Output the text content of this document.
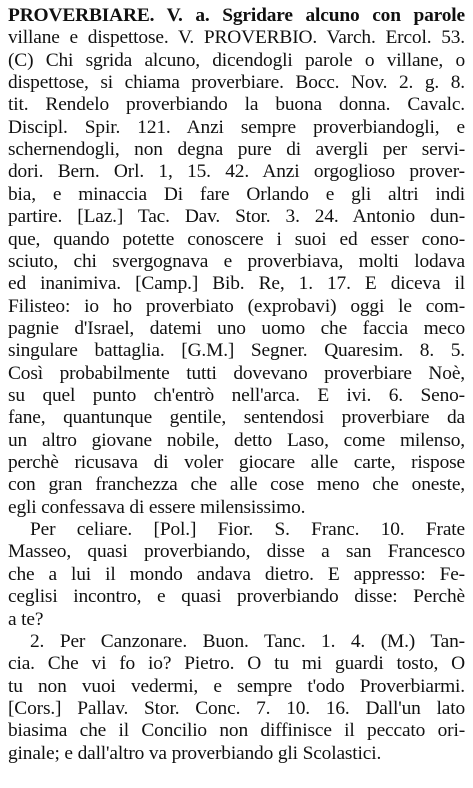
PROVERBIARE. V. a. Sgridare alcuno con parole
villane e dispettose. V. PROVERBIO. Varch. Ercol. 53.
(C) Chi sgrida alcuno, dicendogli parole o villane, o
dispettose, si chiama proverbiare. Bocc. Nov. 2. g. 8.
tit. Rendelo proverbiando la buona donna. Cavalc.
Discipl. Spir. 121. Anzi sempre proverbiandogli, e
schernendogli, non degna pure di avergli per servi-
dori. Bern. Orl. 1, 15. 42. Anzi orgoglioso prover-
bia, e minaccia Di fare Orlando e gli altri indi
partire. [Laz.] Tac. Dav. Stor. 3. 24. Antonio dun-
que, quando potette conoscere i suoi ed esser cono-
sciuto, chi svergognava e proverbiava, molti lodava
ed inanimiva. [Camp.] Bib. Re, 1. 17. E diceva il
Filisteo: io ho proverbiato (exprobavi) oggi le com-
pagnie d'Israel, datemi uno uomo che faccia meco
singulare battaglia. [G.M.] Segner. Quaresim. 8. 5.
Così probabilmente tutti dovevano proverbiare Noè,
su quel punto ch'entrò nell'arca. E ivi. 6. Seno-
fane, quantunque gentile, sentendosi proverbiare da
un altro giovane nobile, detto Laso, come milenso,
perchè ricusava di voler giocare alle carte, rispose
con gran franchezza che alle cose meno che oneste,
egli confessava di essere milensissimo.
Per celiare. [Pol.] Fior. S. Franc. 10. Frate
Masseo, quasi proverbiando, disse a san Francesco
che a lui il mondo andava dietro. E appresso: Fe-
ceglisi incontro, e quasi proverbiando disse: Perchè
a te?
2. Per Canzonare. Buon. Tanc. 1. 4. (M.) Tan-
cia. Che vi fo io? Pietro. O tu mi guardi tosto, O
tu non vuoi vedermi, e sempre t'odo Proverbiarmi.
[Cors.] Pallav. Stor. Conc. 7. 10. 16. Dall'un lato
biasima che il Concilio non diffinisce il peccato ori-
ginale; e dall'altro va proverbiando gli Scolastici.
